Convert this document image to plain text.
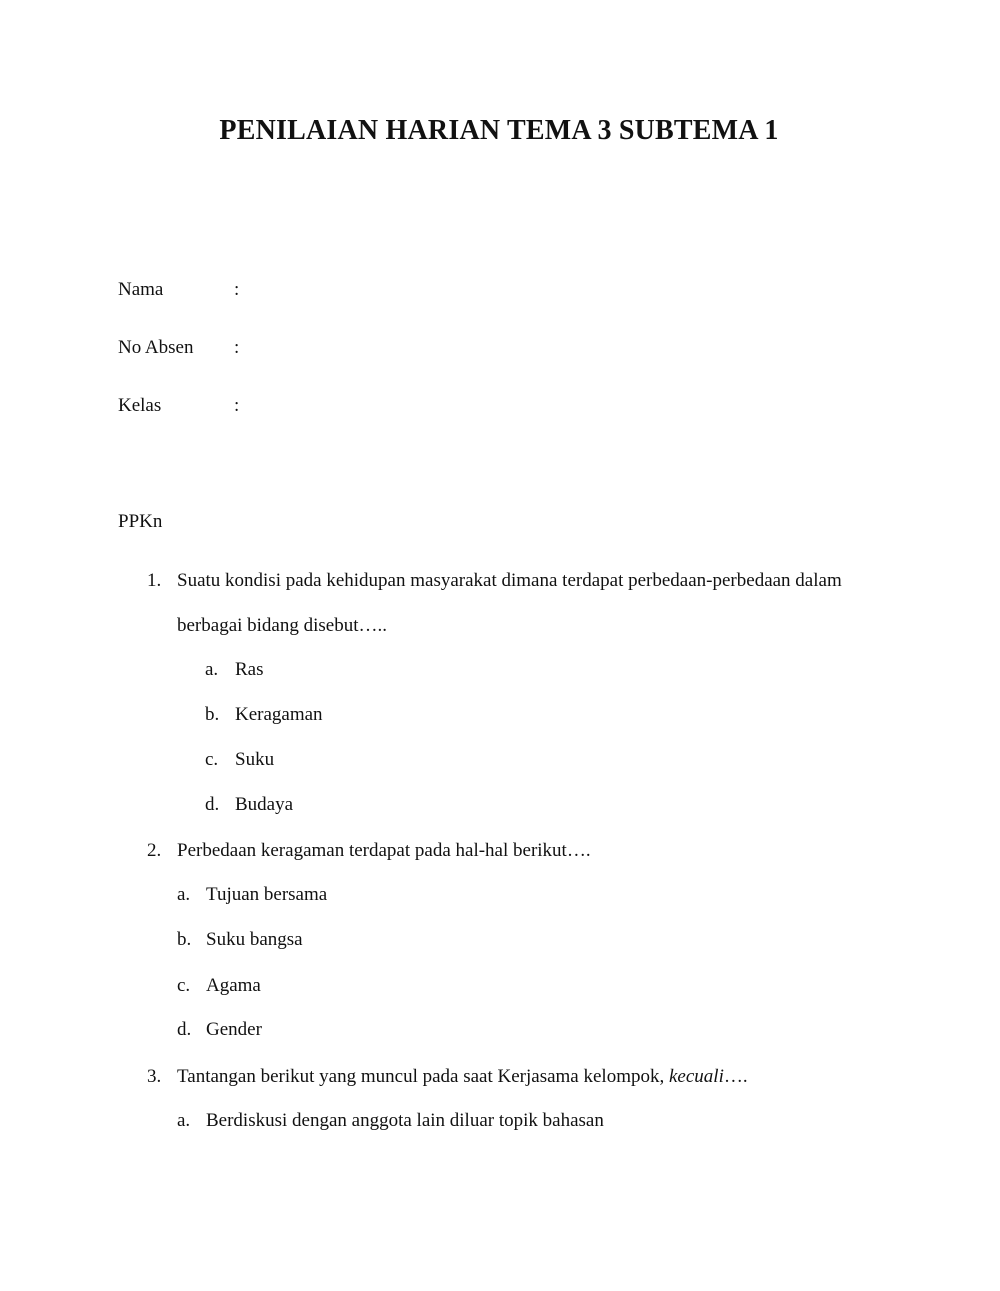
PENILAIAN HARIAN TEMA 3 SUBTEMA 1
Nama	:
No Absen :
Kelas	:
PPKn
1. Suatu kondisi pada kehidupan masyarakat dimana terdapat perbedaan-perbedaan dalam
berbagai bidang disebut…..
a. Ras
b. Keragaman
c. Suku
d. Budaya
2. Perbedaan keragaman terdapat pada hal-hal berikut….
a. Tujuan bersama
b. Suku bangsa
c. Agama
d. Gender
3. Tantangan berikut yang muncul pada saat Kerjasama kelompok, kecuali….
a. Berdiskusi dengan anggota lain diluar topik bahasan
